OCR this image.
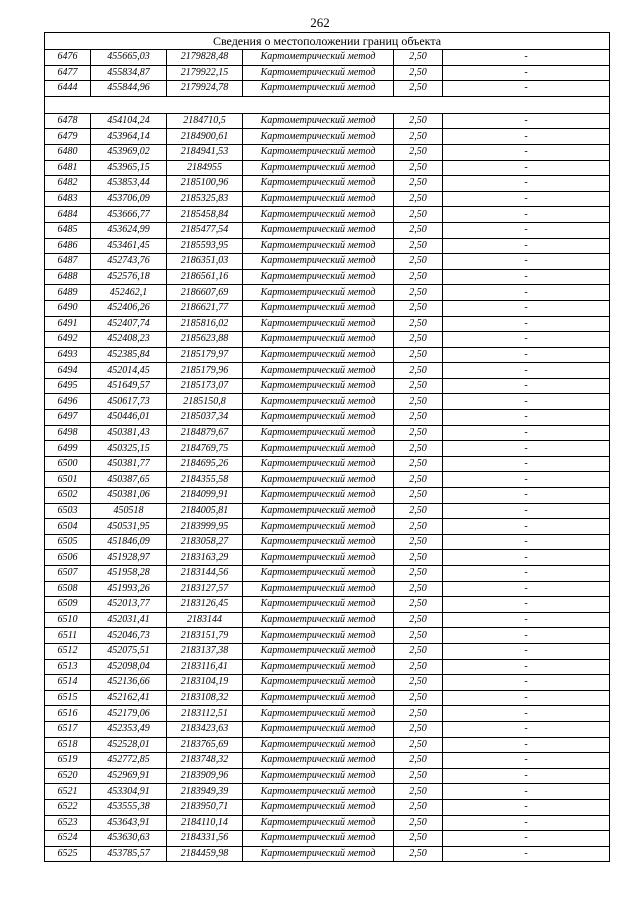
262
Сведения о местоположении границ объекта					
6476	455665,03	2179828,48	Картометрический метод	2,50	-
6477	455834,87	2179922,15	Картометрический метод	2,50	-
6444	455844,96	2179924,78	Картометрический метод	2,50	-

6478	454104,24	2184710,5	Картометрический метод	2,50	-
6479	453964,14	2184900,61	Картометрический метод	2,50	-
6480	453969,02	2184941,53	Картометрический метод	2,50	-
6481	453965,15	2184955	Картометрический метод	2,50	-
6482	453853,44	2185100,96	Картометрический метод	2,50	-
6483	453706,09	2185325,83	Картометрический метод	2,50	-
6484	453666,77	2185458,84	Картометрический метод	2,50	-
6485	453624,99	2185477,54	Картометрический метод	2,50	-
6486	453461,45	2185593,95	Картометрический метод	2,50	-
6487	452743,76	2186351,03	Картометрический метод	2,50	-
6488	452576,18	2186561,16	Картометрический метод	2,50	-
6489	452462,1	2186607,69	Картометрический метод	2,50	-
6490	452406,26	2186621,77	Картометрический метод	2,50	-
6491	452407,74	2185816,02	Картометрический метод	2,50	-
6492	452408,23	2185623,88	Картометрический метод	2,50	-
6493	452385,84	2185179,97	Картометрический метод	2,50	-
6494	452014,45	2185179,96	Картометрический метод	2,50	-
6495	451649,57	2185173,07	Картометрический метод	2,50	-
6496	450617,73	2185150,8	Картометрический метод	2,50	-
6497	450446,01	2185037,34	Картометрический метод	2,50	-
6498	450381,43	2184879,67	Картометрический метод	2,50	-
6499	450325,15	2184769,75	Картометрический метод	2,50	-
6500	450381,77	2184695,26	Картометрический метод	2,50	-
6501	450387,65	2184355,58	Картометрический метод	2,50	-
6502	450381,06	2184099,91	Картометрический метод	2,50	-
6503	450518	2184005,81	Картометрический метод	2,50	-
6504	450531,95	2183999,95	Картометрический метод	2,50	-
6505	451846,09	2183058,27	Картометрический метод	2,50	-
6506	451928,97	2183163,29	Картометрический метод	2,50	-
6507	451958,28	2183144,56	Картометрический метод	2,50	-
6508	451993,26	2183127,57	Картометрический метод	2,50	-
6509	452013,77	2183126,45	Картометрический метод	2,50	-
6510	452031,41	2183144	Картометрический метод	2,50	-
6511	452046,73	2183151,79	Картометрический метод	2,50	-
6512	452075,51	2183137,38	Картометрический метод	2,50	-
6513	452098,04	2183116,41	Картометрический метод	2,50	-
6514	452136,66	2183104,19	Картометрический метод	2,50	-
6515	452162,41	2183108,32	Картометрический метод	2,50	-
6516	452179,06	2183112,51	Картометрический метод	2,50	-
6517	452353,49	2183423,63	Картометрический метод	2,50	-
6518	452528,01	2183765,69	Картометрический метод	2,50	-
6519	452772,85	2183748,32	Картометрический метод	2,50	-
6520	452969,91	2183909,96	Картометрический метод	2,50	-
6521	453304,91	2183949,39	Картометрический метод	2,50	-
6522	453555,38	2183950,71	Картометрический метод	2,50	-
6523	453643,91	2184110,14	Картометрический метод	2,50	-
6524	453630,63	2184331,56	Картометрический метод	2,50	-
6525	453785,57	2184459,98	Картометрический метод	2,50	-
